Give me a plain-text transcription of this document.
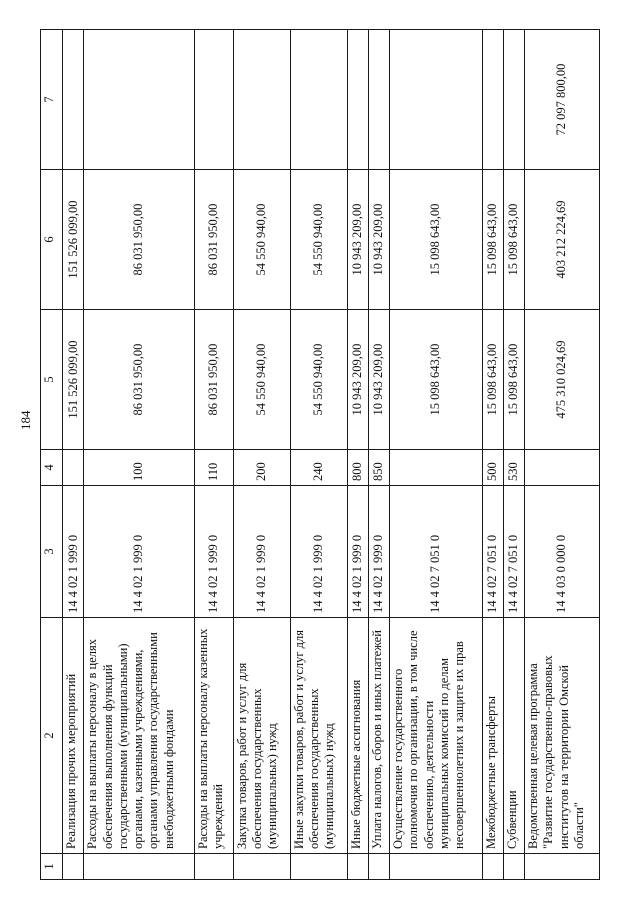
184
1	2	3	4	5	6	7
	Реализация прочих мероприятий	14 4 02 1 999 0		151 526 099,00	151 526 099,00	
	Расходы на выплаты персоналу в целях обеспечения выполнения функций государственными (муниципальными) органами, казенными учреждениями, органами управления государственными внебюджетными фондами	14 4 02 1 999 0	100	86 031 950,00	86 031 950,00	
	Расходы на выплаты персоналу казенных учреждений	14 4 02 1 999 0	110	86 031 950,00	86 031 950,00	
	Закупка товаров, работ и услуг для обеспечения государственных (муниципальных) нужд	14 4 02 1 999 0	200	54 550 940,00	54 550 940,00	
	Иные закупки товаров, работ и услуг для обеспечения государственных (муниципальных) нужд	14 4 02 1 999 0	240	54 550 940,00	54 550 940,00	
	Иные бюджетные ассигнования	14 4 02 1 999 0	800	10 943 209,00	10 943 209,00	
	Уплата налогов, сборов и иных платежей	14 4 02 1 999 0	850	10 943 209,00	10 943 209,00	
	Осуществление государственного полномочия по организации, в том числе обеспечению, деятельности муниципальных комиссий по делам несовершеннолетних и защите их прав	14 4 02 7 051 0		15 098 643,00	15 098 643,00	
	Межбюджетные трансферты	14 4 02 7 051 0	500	15 098 643,00	15 098 643,00	
	Субвенции	14 4 02 7 051 0	530	15 098 643,00	15 098 643,00	
	Ведомственная целевая программа "Развитие государственно-правовых институтов на территории Омской области"	14 4 03 0 000 0		475 310 024,69	403 212 224,69	72 097 800,00
